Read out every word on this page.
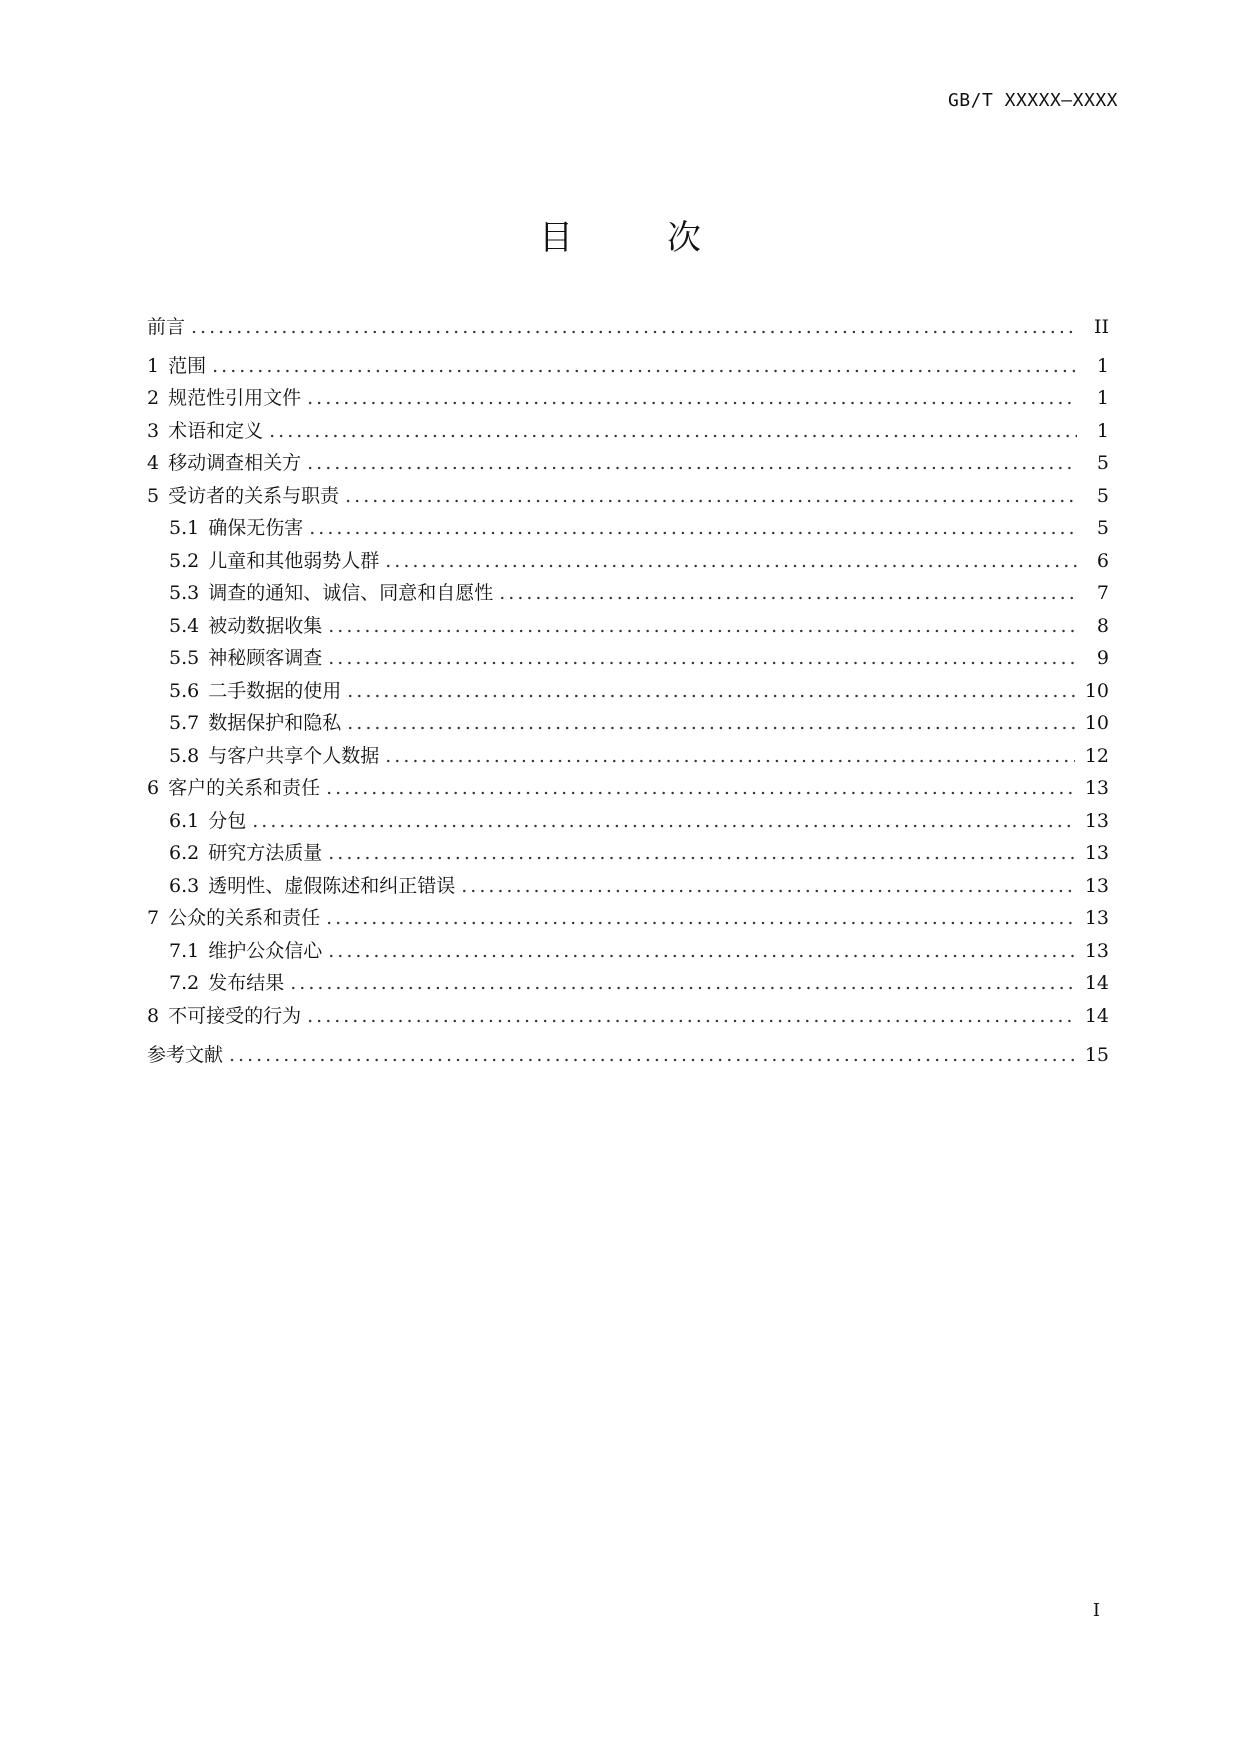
GB/T XXXXX—XXXX
目　次
前言 .....	II
1 范围 .....	1
2 规范性引用文件 .....	1
3 术语和定义 .....	1
4 移动调查相关方 .....	5
5 受访者的关系与职责 .....	5
5.1 确保无伤害 .....	5
5.2 儿童和其他弱势人群 .....	6
5.3 调查的通知、诚信、同意和自愿性 .....	7
5.4 被动数据收集 .....	8
5.5 神秘顾客调查 .....	9
5.6 二手数据的使用 .....	10
5.7 数据保护和隐私 .....	10
5.8 与客户共享个人数据 .....	12
6 客户的关系和责任 .....	13
6.1 分包 .....	13
6.2 研究方法质量 .....	13
6.3 透明性、虚假陈述和纠正错误 .....	13
7 公众的关系和责任 .....	13
7.1 维护公众信心 .....	13
7.2 发布结果 .....	14
8 不可接受的行为 .....	14
参考文献 .....	15
I
